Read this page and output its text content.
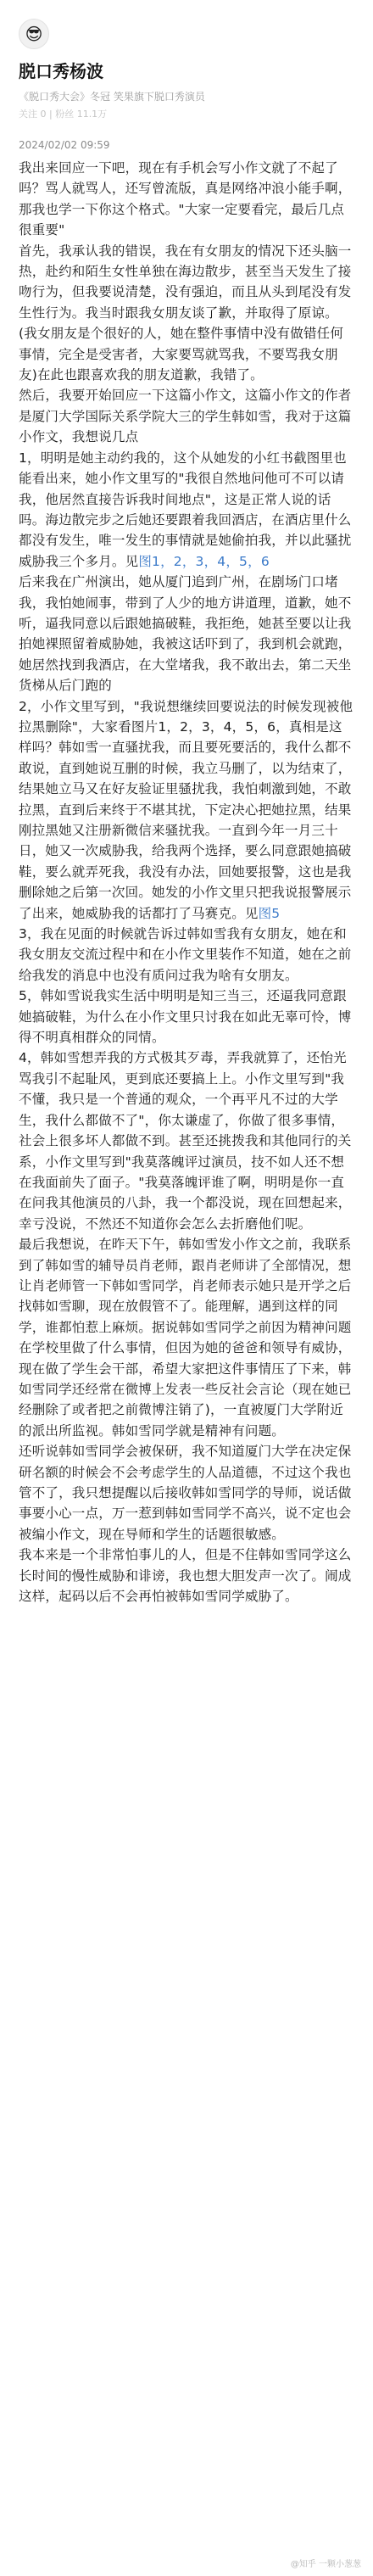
😎
脱口秀杨波
《脱口秀大会》冬冠 笑果旗下脱口秀演员
关注 0 | 粉丝 11.1万
2024/02/02 09:59

我出来回应一下吧，现在有手机会写小作文就了不起了吗？骂人就骂人，还写曾流版，真是网络冲浪小能手啊，那我也学一下你这个格式。"大家一定要看完，最后几点很重要"

首先，我承认我的错误，我在有女朋友的情况下还头脑一热，赴约和陌生女性单独在海边散步，甚至当天发生了接吻行为，但我要说清楚，没有强迫，而且从头到尾没有发生性行为。我当时跟我女朋友谈了歉，并取得了原谅。(我女朋友是个很好的人，她在整件事情中没有做错任何事情，完全是受害者，大家要骂就骂我，不要骂我女朋友)在此也跟喜欢我的朋友道歉，我错了。

然后，我要开始回应一下这篇小作文，这篇小作文的作者是厦门大学国际关系学院大三的学生韩如雪，我对于这篇小作文，我想说几点

1，明明是她主动约我的，这个从她发的小红书截图里也能看出来，她小作文里写的"我很自然地问他可不可以请我，他居然直接告诉我时间地点"，这是正常人说的话吗。海边散完步之后她还要跟着我回酒店，在酒店里什么都没有发生，唯一发生的事情就是她偷拍我，并以此骚扰威胁我三个多月。见图1，2，3，4，5，6

后来我在广州演出，她从厦门追到广州，在剧场门口堵我，我怕她闹事，带到了人少的地方讲道理，道歉，她不听，逼我同意以后跟她搞破鞋，我拒绝，她甚至要以让我拍她裸照留着威胁她，我被这话吓到了，我到机会就跑，她居然找到我酒店，在大堂堵我，我不敢出去，第二天坐货梯从后门跑的

2，小作文里写到，"我说想继续回要说法的时候发现被他拉黑删除"，大家看图片1，2，3，4，5，6，真相是这样吗？韩如雪一直骚扰我，而且要死要活的，我什么都不敢说，直到她说互删的时候，我立马删了，以为结束了，结果她立马又在好友验证里骚扰我，我怕刺激到她，不敢拉黑，直到后来终于不堪其扰，下定决心把她拉黑，结果刚拉黑她又注册新微信来骚扰我。一直到今年一月三十日，她又一次威胁我，给我两个选择，要么同意跟她搞破鞋，要么就弄死我，我没有办法，回她要报警，这也是我删除她之后第一次回。她发的小作文里只把我说报警展示了出来，她威胁我的话都打了马赛克。见图5

3，我在见面的时候就告诉过韩如雪我有女朋友，她在和我女朋友交流过程中和在小作文里装作不知道，她在之前给我发的消息中也没有质问过我为啥有女朋友。

5，韩如雪说我实生活中明明是知三当三，还逼我同意跟她搞破鞋，为什么在小作文里只讨我在如此无辜可怜，博得不明真相群众的同情。

4，韩如雪想弄我的方式极其歹毒，弄我就算了，还怡光骂我引不起耻风，更到底还要搞上上。小作文里写到"我不懂，我只是一个普通的观众，一个再平凡不过的大学生，我什么都做不了"，你太谦虚了，你做了很多事情，社会上很多坏人都做不到。甚至还挑拨我和其他同行的关系，小作文里写到"我莫落魄评过演员，技不如人还不想在我面前失了面子。"我莫落魄评谁了啊，明明是你一直在问我其他演员的八卦，我一个都没说，现在回想起来，幸亏没说，不然还不知道你会怎么去折磨他们呢。

最后我想说，在昨天下午，韩如雪发小作文之前，我联系到了韩如雪的辅导员肖老师，跟肖老师讲了全部情况，想让肖老师管一下韩如雪同学，肖老师表示她只是开学之后找韩如雪聊，现在放假管不了。能理解，遇到这样的同学，谁都怕惹上麻烦。据说韩如雪同学之前因为精神问题在学校里做了什么事情，但因为她的爸爸和领导有威协，现在做了学生会干部，希望大家把这件事情压了下来，韩如雪同学还经常在微博上发表一些反社会言论（现在她已经删除了或者把之前微博注销了)，一直被厦门大学附近的派出所监视。韩如雪同学就是精神有问题。

还听说韩如雪同学会被保研，我不知道厦门大学在决定保研名额的时候会不会考虑学生的人品道德，不过这个我也管不了，我只想提醒以后接收韩如雪同学的导师，说话做事要小心一点，万一惹到韩如雪同学不高兴，说不定也会被编小作文，现在导师和学生的话题很敏感。

我本来是一个非常怕事儿的人，但是不住韩如雪同学这么长时间的慢性威胁和诽谤，我也想大胆发声一次了。闹成这样，起码以后不会再怕被韩如雪同学威胁了。

@知乎 一颗小葱葱
